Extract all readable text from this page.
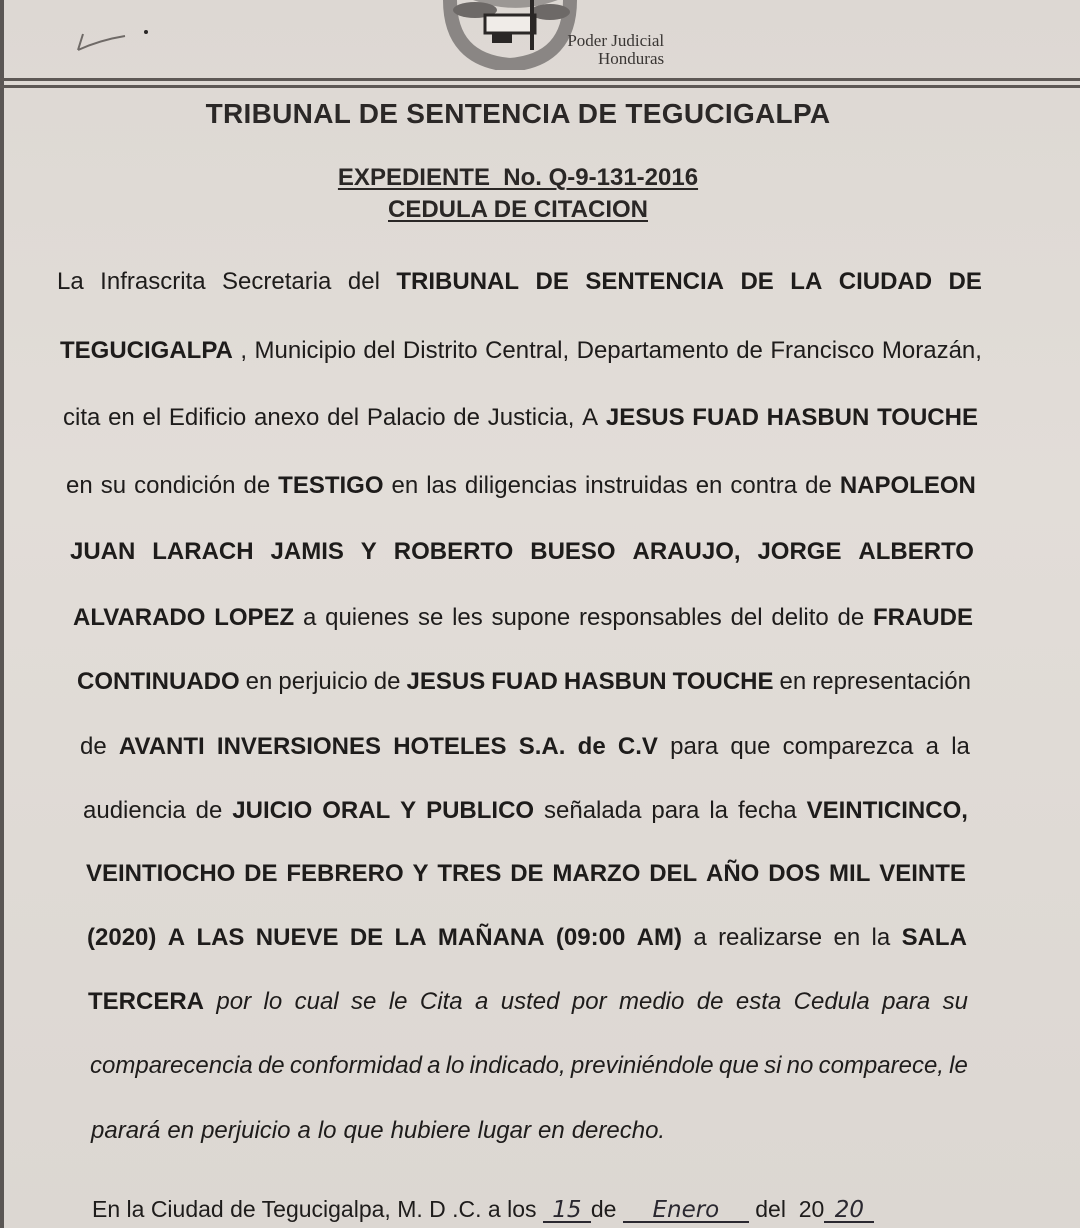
Poder Judicial
Honduras
TRIBUNAL DE SENTENCIA DE TEGUCIGALPA
EXPEDIENTE  No. Q-9-131-2016
CEDULA DE CITACION
La Infrascrita Secretaria del TRIBUNAL DE SENTENCIA DE LA CIUDAD DE
TEGUCIGALPA , Municipio del Distrito Central, Departamento de Francisco Morazán,
cita en el Edificio anexo del Palacio de Justicia, A JESUS FUAD HASBUN TOUCHE
en su condición de TESTIGO en las diligencias instruidas en contra de NAPOLEON
JUAN LARACH JAMIS Y ROBERTO BUESO ARAUJO, JORGE ALBERTO
ALVARADO LOPEZ a quienes se les supone responsables del delito de FRAUDE
CONTINUADO en perjuicio de JESUS FUAD HASBUN TOUCHE en representación
de AVANTI INVERSIONES HOTELES S.A. de C.V para que comparezca a la
audiencia de JUICIO ORAL Y PUBLICO señalada para la fecha VEINTICINCO,
VEINTIOCHO DE FEBRERO Y TRES DE MARZO DEL AÑO DOS MIL VEINTE
(2020) A LAS NUEVE DE LA MAÑANA (09:00 AM) a realizarse en la SALA
TERCERA por lo cual se le Cita a usted por medio de esta Cedula para su
comparecencia de conformidad a lo indicado, previniéndole que si no comparece, le
parará en perjuicio a lo que hubiere lugar en derecho.
En la Ciudad de Tegucigalpa, M. D .C. a los 15 de Enero del  20 20
